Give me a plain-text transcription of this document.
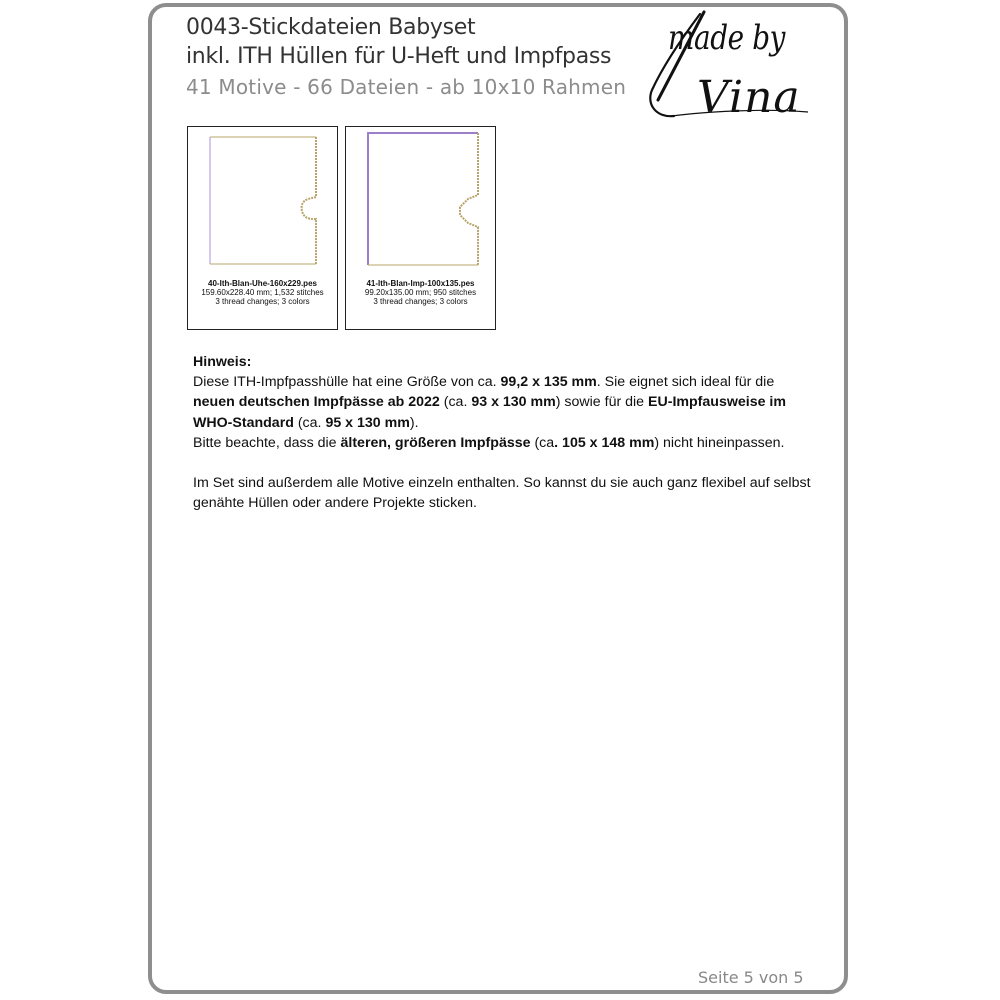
0043-Stickdateien Babyset
inkl. ITH Hüllen für U-Heft und Impfpass
41 Motive - 66 Dateien - ab 10x10 Rahmen
made by
Vina
40-Ith-Blan-Uhe-160x229.pes
159.60x228.40 mm; 1,532 stitches
3 thread changes; 3 colors
41-Ith-Blan-Imp-100x135.pes
99.20x135.00 mm; 950 stitches
3 thread changes; 3 colors

Hinweis:

Diese ITH-Impfpasshülle hat eine Größe von ca. 99,2 x 135 mm. Sie eignet sich ideal für die neuen deutschen Impfpässe ab 2022 (ca. 93 x 130 mm) sowie für die EU-Impfausweise im WHO-Standard (ca. 95 x 130 mm).

Bitte beachte, dass die älteren, größeren Impfpässe (ca. 105 x 148 mm) nicht hineinpassen.

Im Set sind außerdem alle Motive einzeln enthalten. So kannst du sie auch ganz flexibel auf selbst genähte Hüllen oder andere Projekte sticken.

Seite 5 von 5
